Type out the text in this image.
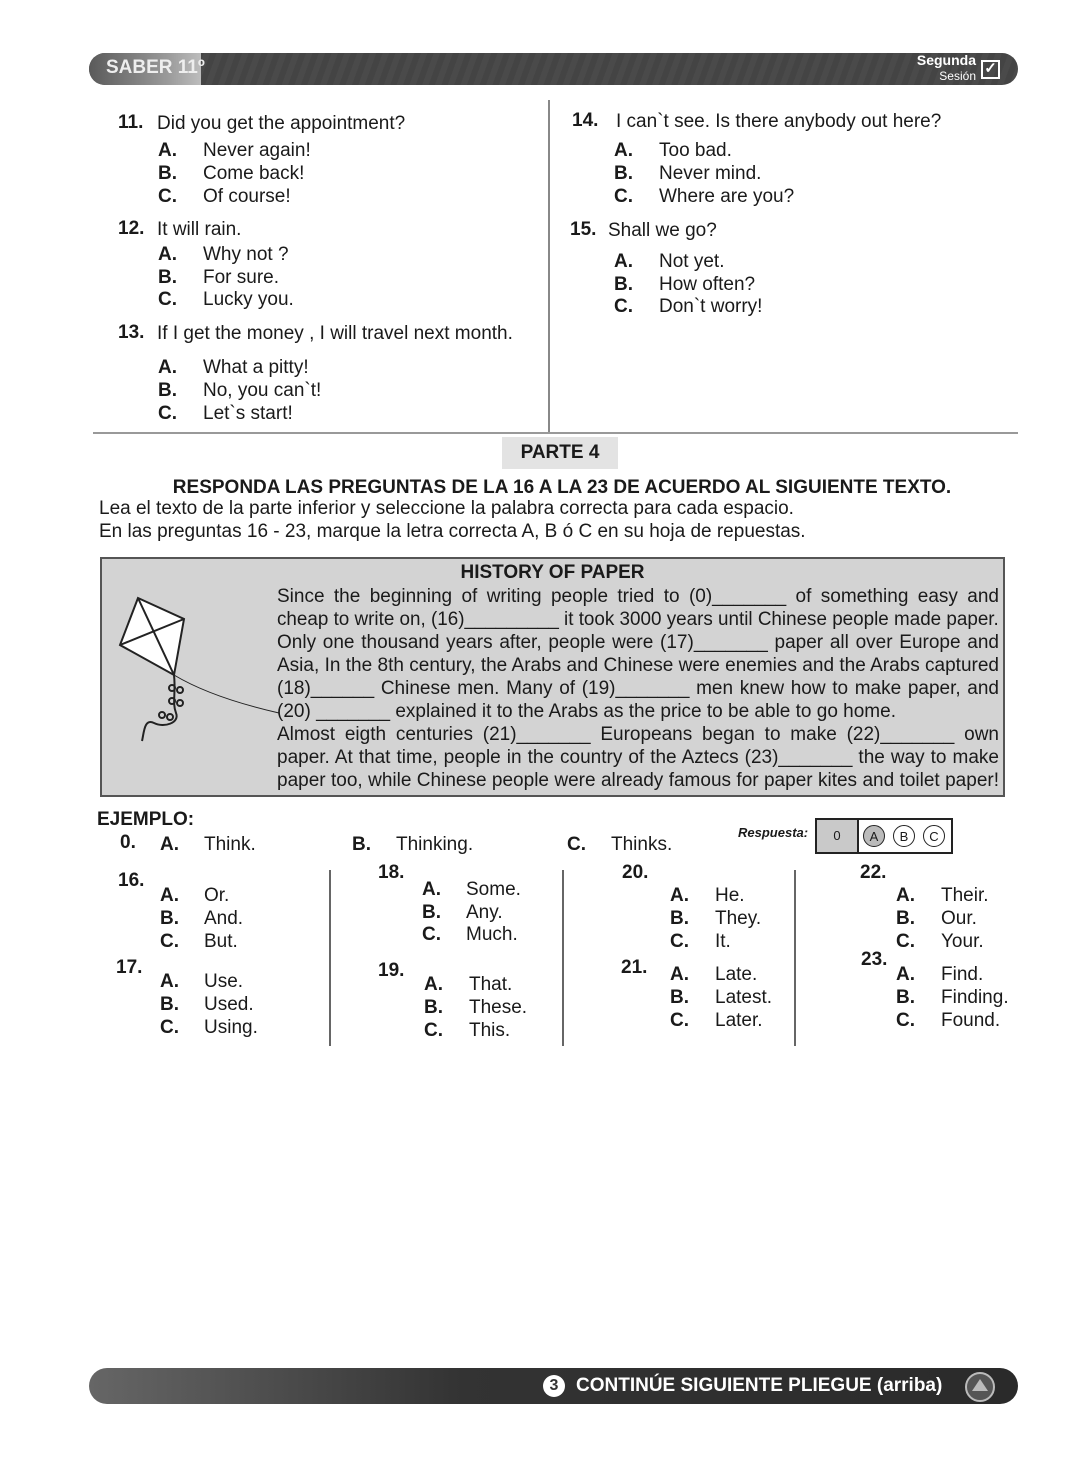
SABER 11º	Segunda
Sesión ✓
PARTE 4
RESPONDA LAS PREGUNTAS DE LA 16 A LA 23 DE ACUERDO AL SIGUIENTE TEXTO.
Lea el texto de la parte inferior y seleccione la palabra correcta para cada espacio.
En las preguntas 16 - 23, marque la letra correcta A, B ó C en su hoja de repuestas.
HISTORY OF PAPER
Since the beginning of writing people tried to (0)_______ of something easy and
cheap to write on, (16)_________ it took 3000 years until Chinese people made paper.
Only one thousand years after, people were (17)_______ paper all over Europe and
Asia, In the 8th century, the Arabs and Chinese were enemies and the Arabs captured
(18)______ Chinese men. Many of (19)_______ men knew how to make paper, and
(20) _______ explained it to the Arabs as the price to be able to go home.
Almost eigth centuries (21)_______ Europeans began to make (22)_______ own
paper. At that time, people in the country of the Aztecs (23)_______ the way to make
paper too, while Chinese people were already famous for paper kites and toilet paper!
EJEMPLO:
0. A. Think.	B. Thinking.	C. Thinks.
Respuesta:	0	A	B	C
3 CONTINÚE SIGUIENTE PLIEGUE (arriba)
11. Did you get the appointment?
A. Never again!
B. Come back!
C. Of course!
12. It will rain.
A. Why not ?
B. For sure.
C. Lucky you.
13. If I get the money , I will travel next month.
A. What a pitty!
B. No, you can`t!
C. Let`s start!
14. I can`t see. Is there anybody out here?
A. Too bad.
B. Never mind.
C. Where are you?
15. Shall we go?
A. Not yet.
B. How often?
C. Don`t worry!
16.
A. Or.
B. And.
C. But.
17.
A. Use.
B. Used.
C. Using.
18.
A. Some.
B. Any.
C. Much.
19.
A. That.
B. These.
C. This.
20.
A. He.
B. They.
C. It.
21. A. Late.
B. Latest.
C. Later.
22.
A. Their.
B. Our.
C. Your.
23.
A. Find.
B. Finding.
C. Found.
